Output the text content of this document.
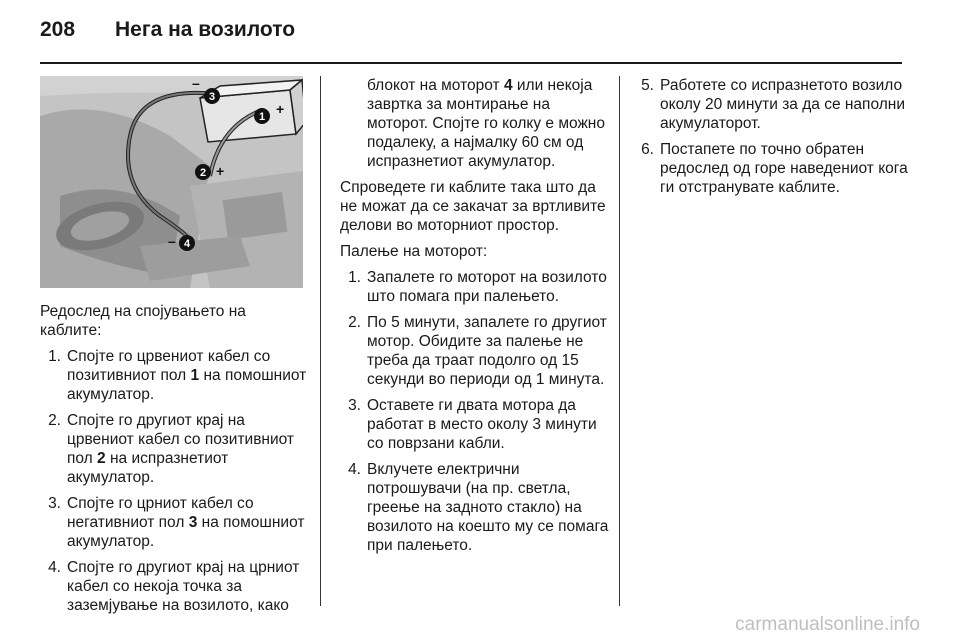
208	Нега на возилото
1 +
2 +
3
–
4
–

Редослед на спојувањето на каблите:

1. Спојте го црвениот кабел со позитивниот пол 1 на помошниот акумулатор.
2. Спојте го другиот крај на црвениот кабел со позитивниот пол 2 на испразнетиот акумулатор.
3. Спојте го црниот кабел со негативниот пол 3 на помошниот акумулатор.
4. Спојте го другиот крај на црниот кабел со некоја точка за заземјување на возилото, како
блокот на моторот 4 или некоја завртка за монтирање на моторот. Спојте го колку е можно подалеку, а најмалку 60 см од испразнетиот акумулатор.

Спроведете ги каблите така што да не можат да се закачат за вртливите делови во моторниот простор.

Палење на моторот:

1. Запалете го моторот на возилото што помага при палењето.
2. По 5 минути, запалете го другиот мотор. Обидите за палење не треба да траат подолго од 15 секунди во периоди од 1 минута.
3. Оставете ги двата мотора да работат в место околу 3 минути со поврзани кабли.
4. Вклучете електрични потрошувачи (на пр. светла, греење на задното стакло) на возилото на коешто му се помага при палењето.
5. Работете со испразнетото возило околу 20 минути за да се наполни акумулаторот.
6. Постапете по точно обратен редослед од горе наведениот кога ги отстранувате каблите.
carmanualsonline.info
